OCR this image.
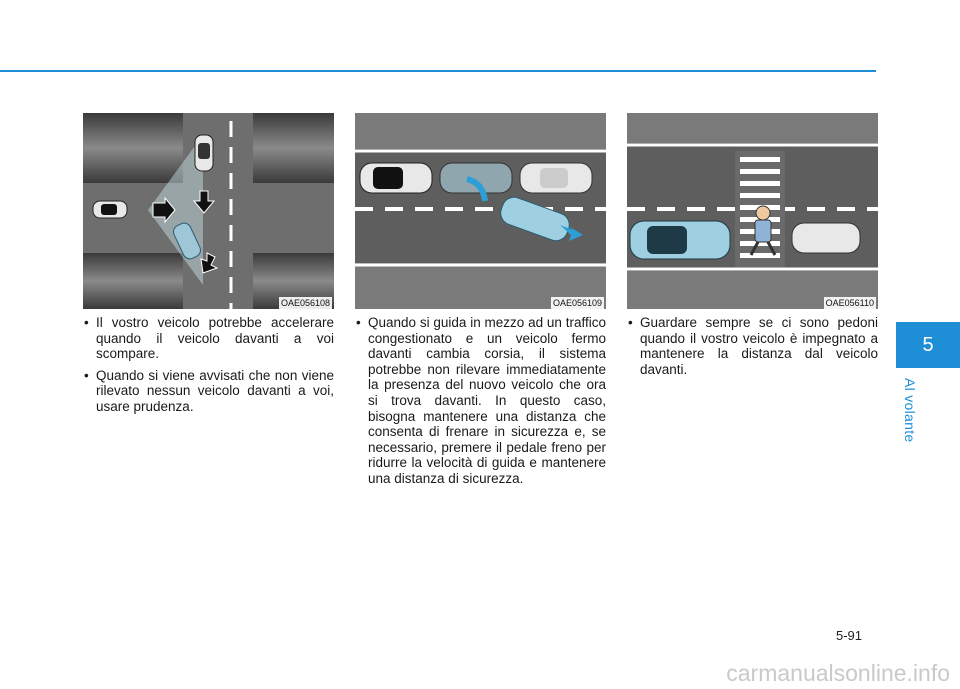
OAE056108
• Il vostro veicolo potrebbe accelerare quando il veicolo davanti a voi scompare.
• Quando si viene avvisati che non viene rilevato nessun veicolo davanti a voi, usare prudenza.
OAE056109
• Quando si guida in mezzo ad un traffico congestionato e un veicolo fermo davanti cambia corsia, il sistema potrebbe non rilevare immediatamente la presenza del nuovo veicolo che ora si trova davanti. In questo caso, bisogna mantenere una distanza che consenta di frenare in sicurezza e, se necessario, premere il pedale freno per ridurre la velocità di guida e mantenere una distanza di sicurezza.
OAE056110
• Guardare sempre se ci sono pedoni quando il vostro veicolo è impegnato a mantenere la distanza dal veicolo davanti.
5
Al volante
5-91
carmanualsonline.info
